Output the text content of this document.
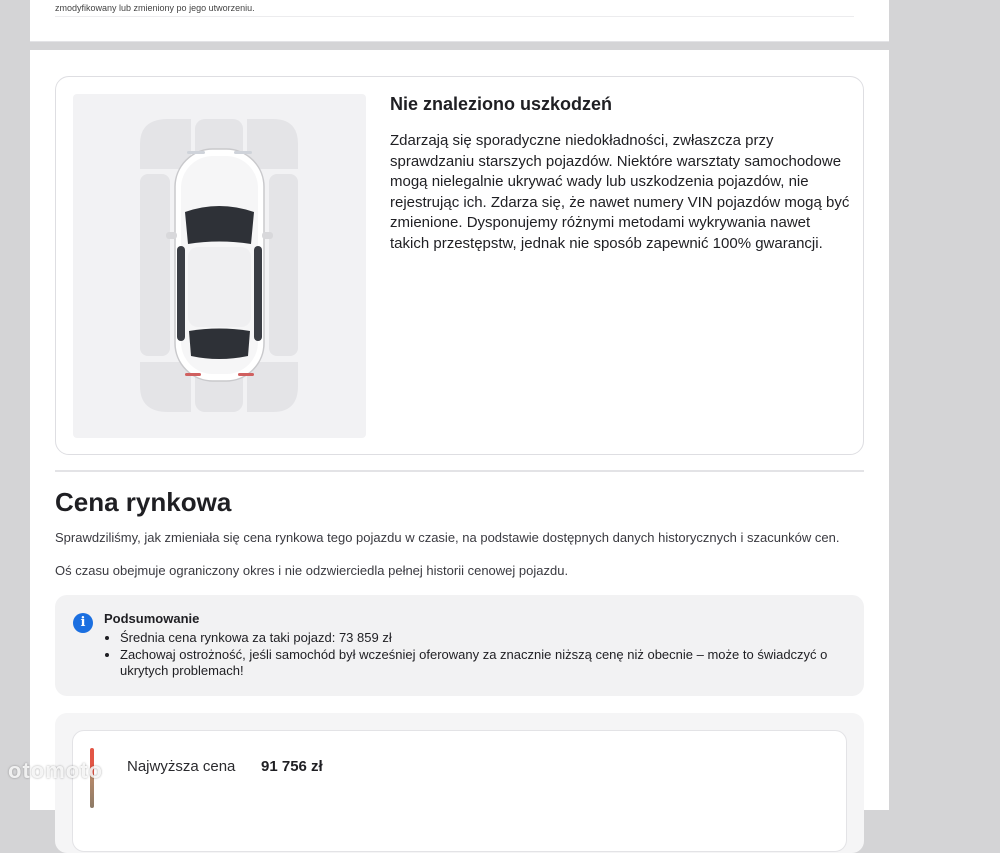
zmodyfikowany lub zmieniony po jego utworzeniu.
Nie znaleziono uszkodzeń

Zdarzają się sporadyczne niedokładności, zwłaszcza przy sprawdzaniu starszych pojazdów. Niektóre warsztaty samochodowe mogą nielegalnie ukrywać wady lub uszkodzenia pojazdów, nie rejestrując ich. Zdarza się, że nawet numery VIN pojazdów mogą być zmienione. Dysponujemy różnymi metodami wykrywania nawet takich przestępstw, jednak nie sposób zapewnić 100% gwarancji.

Cena rynkowa

Sprawdziliśmy, jak zmieniała się cena rynkowa tego pojazdu w czasie, na podstawie dostępnych danych historycznych i szacunków cen.

Oś czasu obejmuje ograniczony okres i nie odzwierciedla pełnej historii cenowej pojazdu.

i	Podsumowanie
• Średnia cena rynkowa za taki pojazd: 73 859 zł
• Zachowaj ostrożność, jeśli samochód był wcześniej oferowany za znacznie niższą cenę niż obecnie – może to świadczyć o ukrytych problemach!
Najwyższa cena 91 756 zł
otomoto
